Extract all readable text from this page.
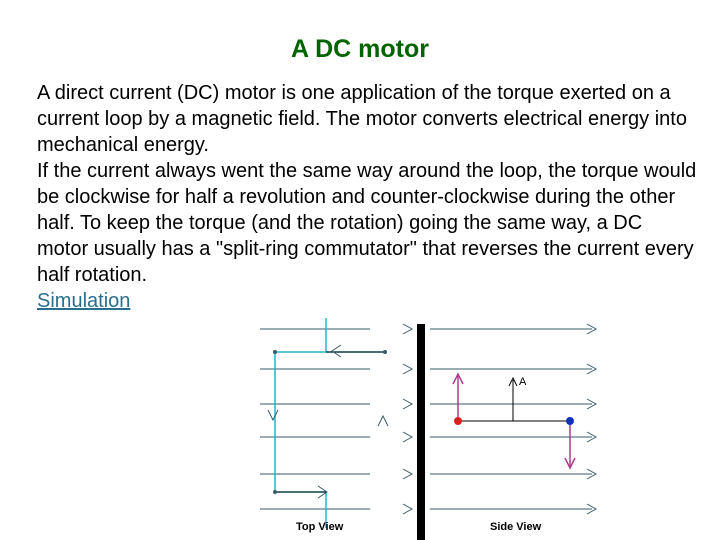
A DC motor

A direct current (DC) motor is one application of the torque exerted on a current loop by a magnetic field. The motor converts electrical energy into mechanical energy.

If the current always went the same way around the loop, the torque would be clockwise for half a revolution and counter-clockwise during the other half. To keep the torque (and the rotation) going the same way, a DC motor usually has a "split-ring commutator" that reverses the current every half rotation.

Simulation
A
Top View	Side View
